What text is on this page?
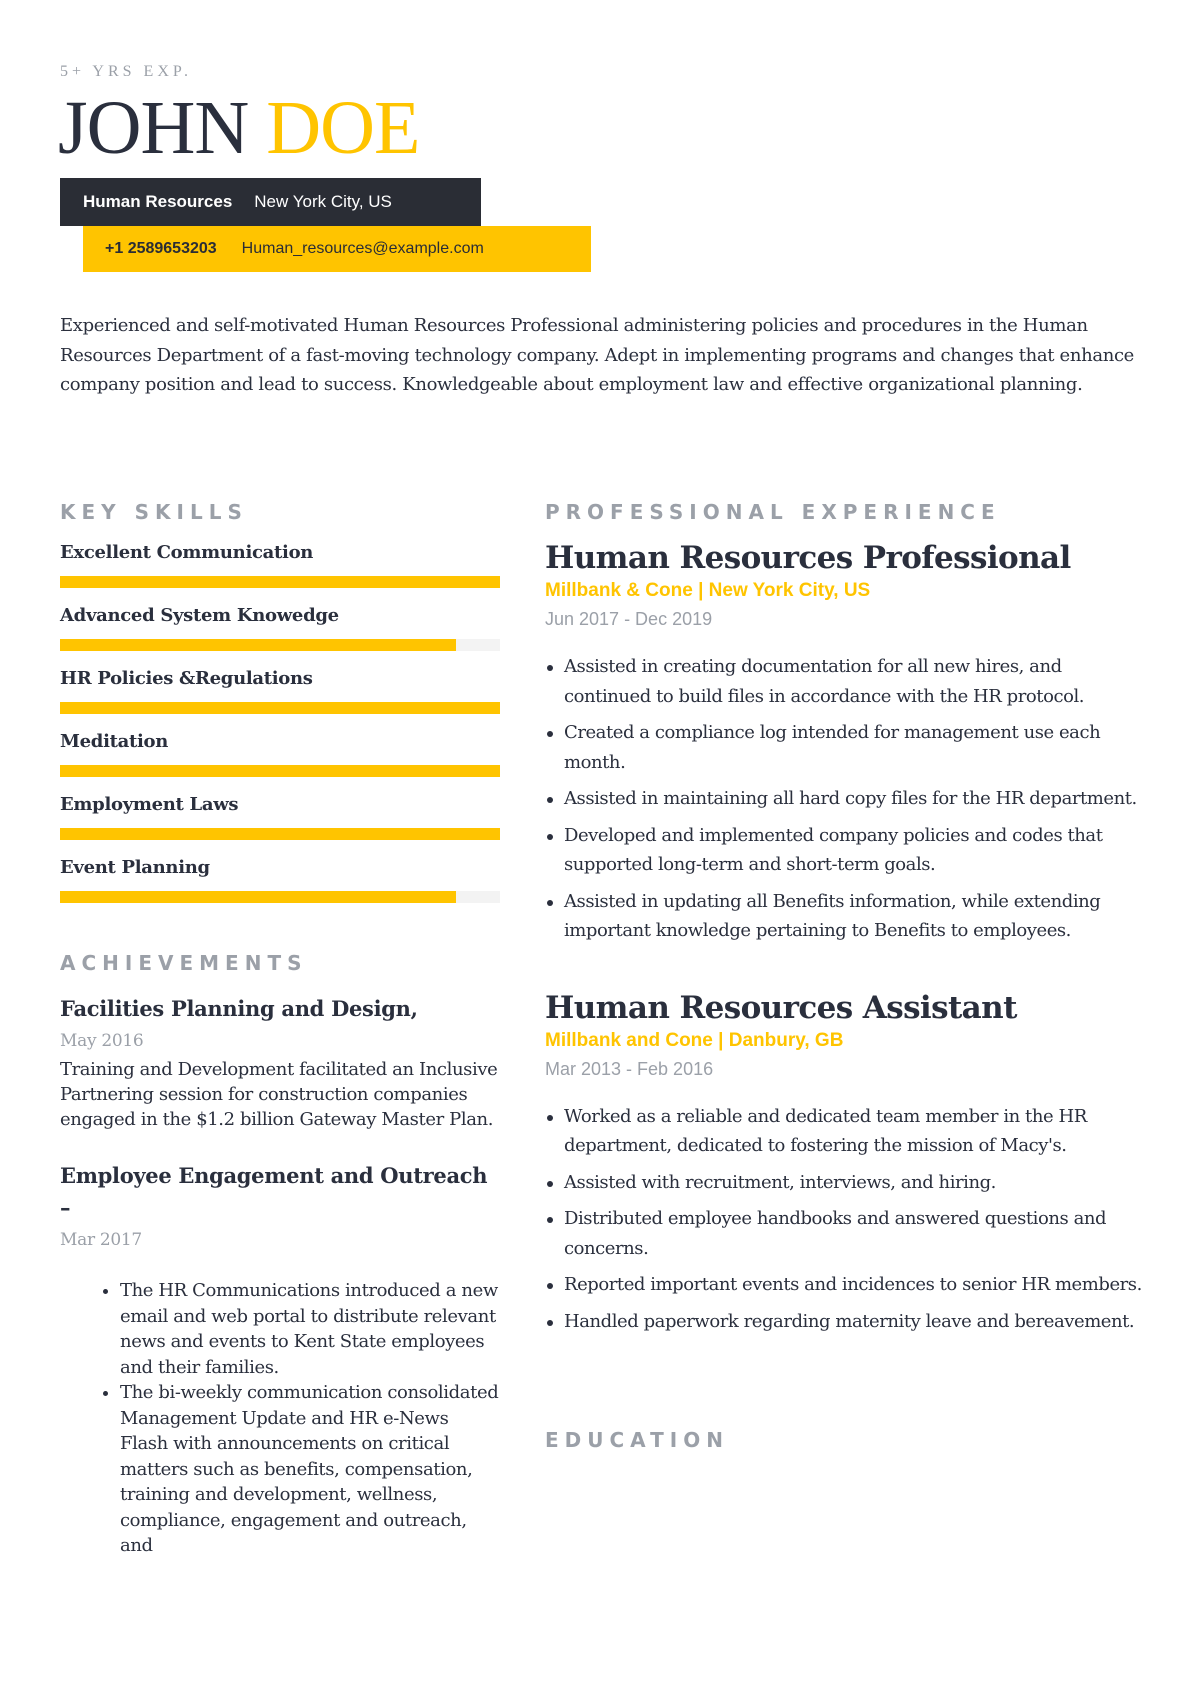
5+ YRS EXP.
JOHN DOE
Human Resources New York City, US
+1 2589653203 Human_resources@example.com

Experienced and self-motivated Human Resources Professional administering policies and procedures in the Human Resources Department of a fast-moving technology company. Adept in implementing programs and changes that enhance company position and lead to success. Knowledgeable about employment law and effective organizational planning.

KEY SKILLS
Excellent Communication
Advanced System Knowedge
HR Policies &Regulations
Meditation
Employment Laws
Event Planning
ACHIEVEMENTS
Facilities Planning and Design,
May 2016
Training and Development facilitated an Inclusive Partnering session for construction companies engaged in the $1.2 billion Gateway Master Plan.
Employee Engagement and Outreach –
Mar 2017
• The HR Communications introduced a new email and web portal to distribute relevant news and events to Kent State employees and their families.
• The bi-weekly communication consolidated Management Update and HR e-News Flash with announcements on critical matters such as benefits, compensation, training and development, wellness, compliance, engagement and outreach, and
PROFESSIONAL EXPERIENCE
Human Resources Professional
Millbank & Cone | New York City, US
Jun 2017 - Dec 2019
Assisted in creating documentation for all new hires, and continued to build files in accordance with the HR protocol.
Created a compliance log intended for management use each month.
Assisted in maintaining all hard copy files for the HR department.
Developed and implemented company policies and codes that supported long-term and short-term goals.
Assisted in updating all Benefits information, while extending important knowledge pertaining to Benefits to employees.
Human Resources Assistant
Millbank and Cone | Danbury, GB
Mar 2013 - Feb 2016
Worked as a reliable and dedicated team member in the HR department, dedicated to fostering the mission of Macy's.
Assisted with recruitment, interviews, and hiring.
Distributed employee handbooks and answered questions and concerns.
Reported important events and incidences to senior HR members.
Handled paperwork regarding maternity leave and bereavement.
EDUCATION
